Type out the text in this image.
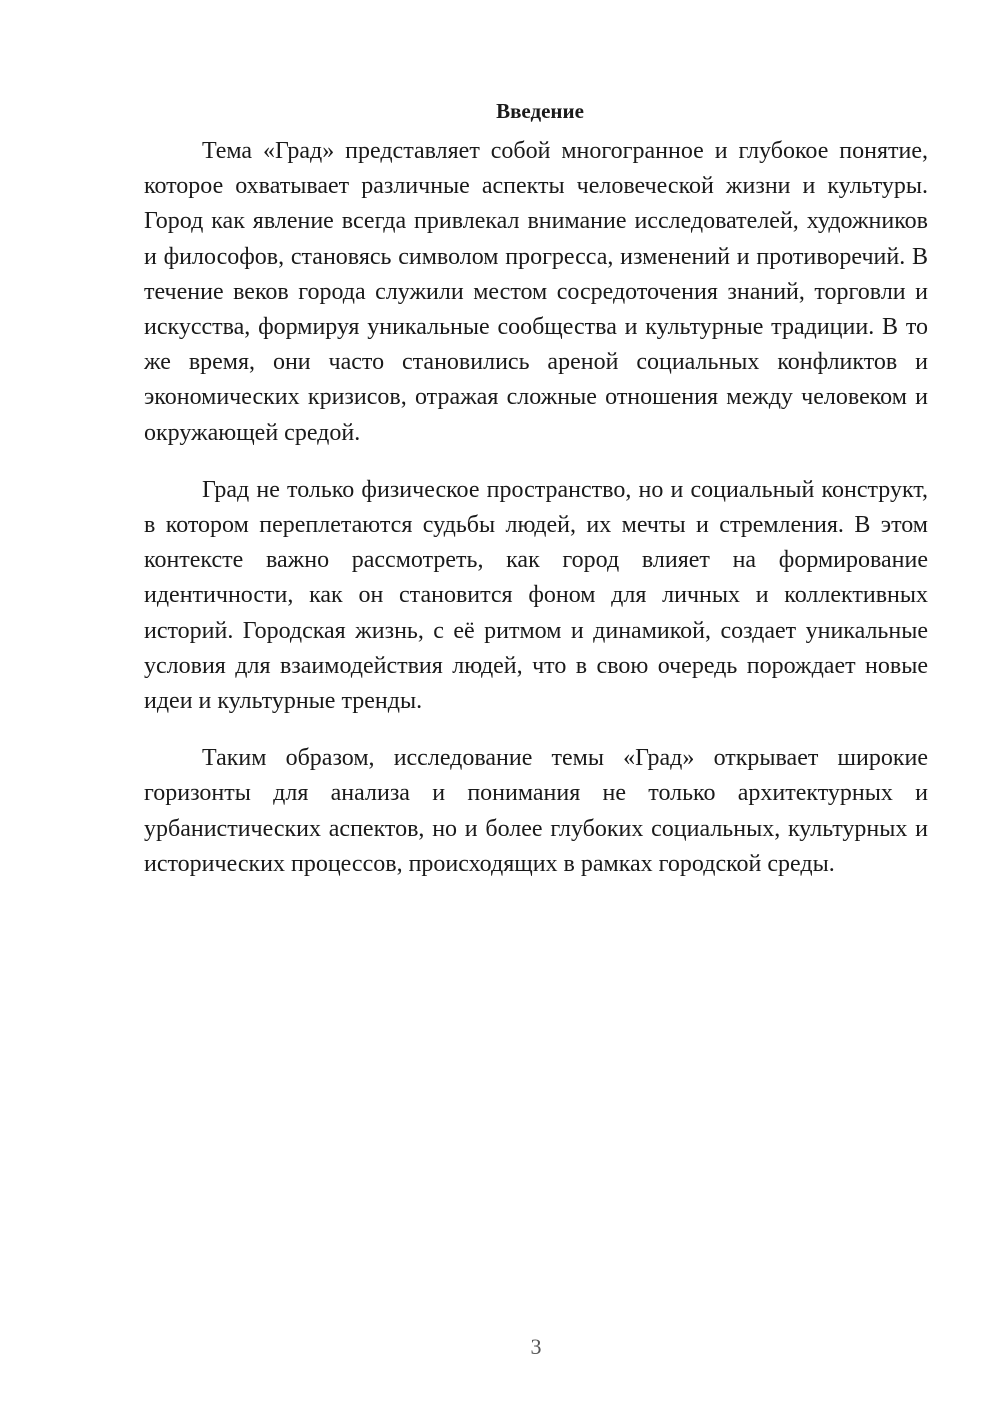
Введение

Тема «Град» представляет собой многогранное и глубокое понятие, которое охватывает различные аспекты человеческой жизни и культуры. Город как явление всегда привлекал внимание исследователей, художников и философов, становясь символом прогресса, изменений и противоречий. В течение веков города служили местом сосредоточения знаний, торговли и искусства, формируя уникальные сообщества и культурные традиции. В то же время, они часто становились ареной социальных конфликтов и экономических кризисов, отражая сложные отношения между человеком и окружающей средой.

Град не только физическое пространство, но и социальный конструкт, в котором переплетаются судьбы людей, их мечты и стремления. В этом контексте важно рассмотреть, как город влияет на формирование идентичности, как он становится фоном для личных и коллективных историй. Городская жизнь, с её ритмом и динамикой, создает уникальные условия для взаимодействия людей, что в свою очередь порождает новые идеи и культурные тренды.

Таким образом, исследование темы «Град» открывает широкие горизонты для анализа и понимания не только архитектурных и урбанистических аспектов, но и более глубоких социальных, культурных и исторических процессов, происходящих в рамках городской среды.

3
